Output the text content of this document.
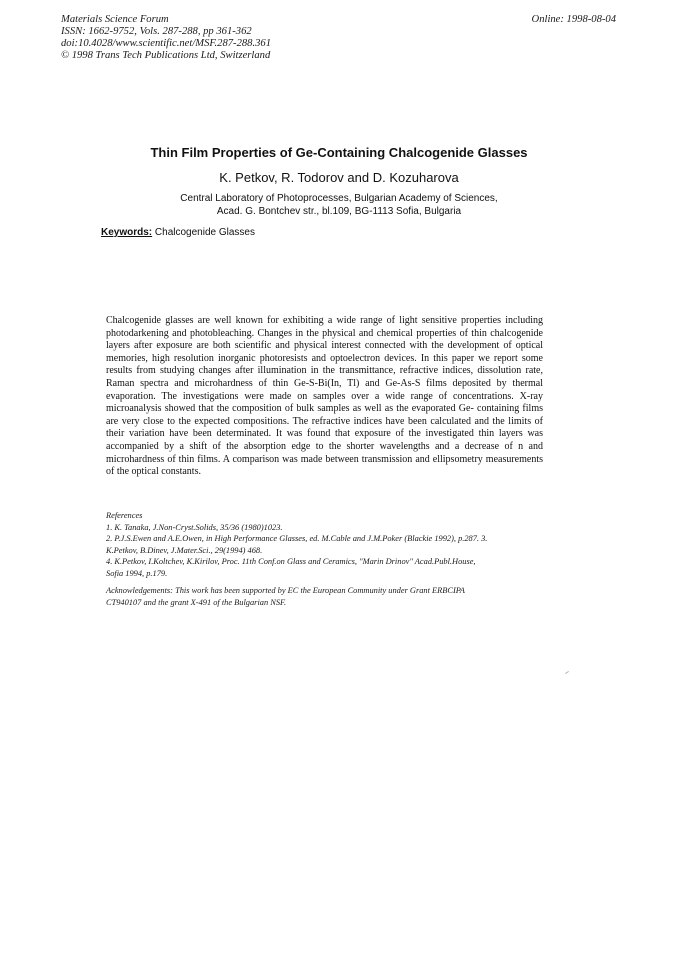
Materials Science Forum
ISSN: 1662-9752, Vols. 287-288, pp 361-362
doi:10.4028/www.scientific.net/MSF.287-288.361
© 1998 Trans Tech Publications Ltd, Switzerland
Online: 1998-08-04
Thin Film Properties of Ge-Containing Chalcogenide Glasses
K. Petkov, R. Todorov and D. Kozuharova
Central Laboratory of Photoprocesses, Bulgarian Academy of Sciences,
Acad. G. Bontchev str., bl.109, BG-1113 Sofia, Bulgaria
Keywords: Chalcogenide Glasses
Chalcogenide glasses are well known for exhibiting a wide range of light sensitive properties including photodarkening and photobleaching. Changes in the physical and chemical properties of thin chalcogenide layers after exposure are both scientific and physical interest connected with the development of optical memories, high resolution inorganic photoresists and optoelectron devices. In this paper we report some results from studying changes after illumination in the transmittance, refractive indices, dissolution rate, Raman spectra and microhardness of thin Ge-S-Bi(In, Tl) and Ge-As-S films deposited by thermal evaporation. The investigations were made on samples over a wide range of concentrations. X-ray microanalysis showed that the composition of bulk samples as well as the evaporated Ge- containing films are very close to the expected compositions. The refractive indices have been calculated and the limits of their variation have been determinated. It was found that exposure of the investigated thin layers was accompanied by a shift of the absorption edge to the shorter wavelengths and a decrease of n and microhardness of thin films. A comparison was made between transmission and ellipsometry measurements of the optical constants.
References
1. K. Tanaka, J.Non-Cryst.Solids, 35/36 (1980)1023.
2. P.J.S.Ewen and A.E.Owen, in High Performance Glasses, ed. M.Cable and J.M.Poker (Blackie 1992), p.287. 3.
K.Petkov, B.Dinev, J.Mater.Sci., 29(1994) 468.
4. K.Petkov, I.Koltchev, K.Kirilov, Proc. 11th Conf.on Glass and Ceramics, "Marin Drinov" Acad.Publ.House,
Sofia 1994, p.179.
Acknowledgements: This work has been supported by EC the European Community under Grant ERBCIPA
CT940107 and the grant X-491 of the Bulgarian NSF.
